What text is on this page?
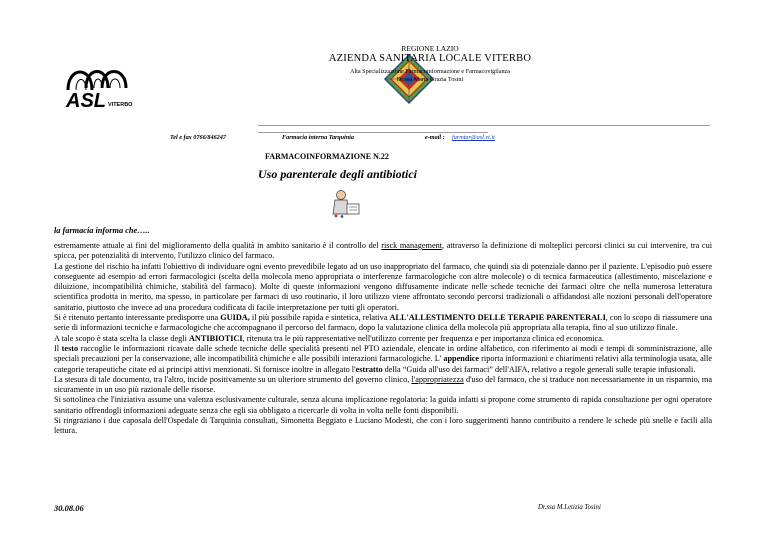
ASL VITERBO
REGIONE LAZIO
AZIENDA SANITARIA LOCALE VITERBO
Alta Specializzazione Farmacoinformazione e Farmacovigilanza
Dr.ssa Maria Grazia Tosini
Tel e fax 0766/846247	Farmacia interna Tarquinia	e-mail : farmtar@asl.vt.it
FARMACOINFORMAZIONE N.22
Uso parenterale degli antibiotici
la farmacia informa che…..

estremamente attuale ai fini del miglioramento della qualità in ambito sanitario è il controllo del risck management, attraverso la definizione di molteplici percorsi clinici su cui intervenire, tra cui spicca, per potenzialità di intervento, l'utilizzo clinico del farmaco.

La gestione del rischio ha infatti l'obiettivo di individuare ogni evento prevedibile legato ad un uso inappropriato del farmaco, che quindi sia di potenziale danno per il paziente. L'episodio può essere conseguente ad esempio ad errori farmacologici (scelta della molecola meno appropriata o interferenze farmacologiche con altre molecole) o di tecnica farmaceutica (allestimento, miscelazione e diluizione, incompatibilità chimiche, stabilità del farmaco). Molte di queste informazioni vengono diffusamente indicate nelle schede tecniche dei farmaci oltre che nella numerosa letteratura scientifica prodotta in merito, ma spesso, in particolare per farmaci di uso routinario, il loro utilizzo viene affrontato secondo percorsi tradizionali o affidandosi alle nozioni personali dell'operatore sanitario, piuttosto che invece ad una procedura codificata di facile interpretazione per tutti gli operatori.

Si è ritenuto pertanto interessante predisporre una GUIDA, il più possibile rapida e sintetica, relativa ALL'ALLESTIMENTO DELLE TERAPIE PARENTERALI, con lo scopo di riassumere una serie di informazioni tecniche e farmacologiche che accompagnano il percorso del farmaco, dopo la valutazione clinica della molecola più appropriata alla terapia, fino al suo utilizzo finale.

A tale scopo è stata scelta la classe degli ANTIBIOTICI, ritenuta tra le più rappresentative nell'utilizzo corrente per frequenza e per importanza clinica ed economica.

Il testo raccoglie le informazioni ricavate dalle schede tecniche delle specialità presenti nel PTO aziendale, elencate in ordine alfabetico, con riferimento ai modi e tempi di somministrazione, alle speciali precauzioni per la conservazione, alle incompatibilità chimiche e alle possibili interazioni farmacologiche. L' appendice riporta informazioni e chiarimenti relativi alla terminologia usata, alle categorie terapeutiche citate ed ai principi attivi menzionati. Si fornisce inoltre in allegato l'estratto della “Guida all'uso dei farmaci” dell'AIFA, relativo a regole generali sulle terapie infusionali.

La stesura di tale documento, tra l'altro, incide positivamente su un ulteriore strumento del governo clinico, l'appropriatezza d'uso del farmaco, che si traduce non necessariamente in un risparmio, ma sicuramente in un uso più razionale delle risorse.

Si sottolinea che l'iniziativa assume una valenza esclusivamente culturale, senza alcuna implicazione regolatoria: la guida infatti si propone come strumento di rapida consultazione per ogni operatore sanitario offrendogli informazioni adeguate senza che egli sia obbligato a ricercarle di volta in volta nelle fonti disponibili.

Si ringraziano i due caposala dell'Ospedale di Tarquinia consultati, Simonetta Beggiato e Luciano Modesti, che con i loro suggerimenti hanno contribuito a rendere le schede più snelle e facili alla lettura.

30.08.06	Dr.ssa M.Letizia Tosini
